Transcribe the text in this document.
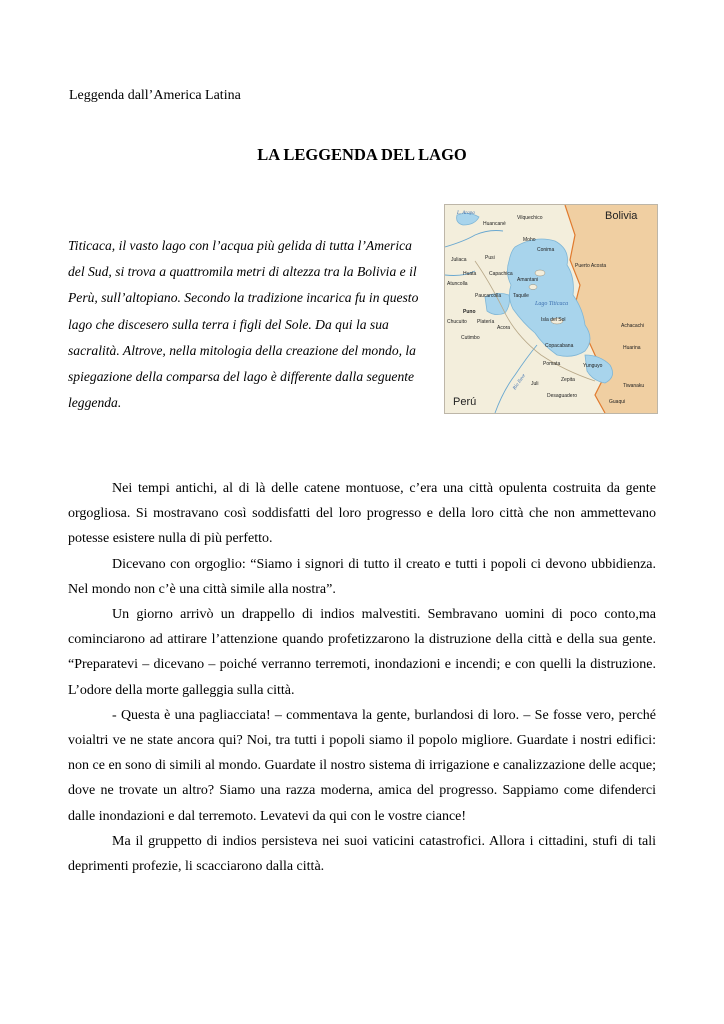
Leggenda dall’America Latina
LA LEGGENDA DEL LAGO
Titicaca, il vasto lago con l’acqua più gelida di tutta l’America del Sud, si trova a quattromila metri di altezza tra la Bolivia e il Perù, sull’altopiano. Secondo la tradizione incarica fu in questo lago che discesero sulla terra i figli del Sole. Da qui la sua sacralità. Altrove, nella mitologia della creazione del mondo, la spiegazione della comparsa del lago è differente dalla seguente leggenda.
Bolivia
Perú
Lago Titicaca
L. Arapa
Río Ilave
Huancané
Moho
Vilquechico
Conima
Juliaca	Pusi
Puerto Acosta
Huata	Capachica
Amantani
Atuncolla
Taquile
Paucarcolla
Puno
Chucuito	Isla del Sol
Achacachi
Platería
Acora
Cutimbo
Copacabana	Huarina
Pomata	Yunguyo
Juli
Zepita
Tiwanaku
Desaguadero
Guaqui

Nei tempi antichi, al di là delle catene montuose, c’era una città opulenta costruita da gente orgogliosa. Si mostravano così soddisfatti del loro progresso e della loro città che non ammettevano potesse esistere nulla di più perfetto.

Dicevano con orgoglio: “Siamo i signori di tutto il creato e tutti i popoli ci devono ubbidienza. Nel mondo non c’è una città simile alla nostra”.

Un giorno arrivò un drappello di indios malvestiti. Sembravano uomini di poco conto,ma cominciarono ad attirare l’attenzione quando profetizzarono la distruzione della città e della sua gente. “Preparatevi – dicevano – poiché verranno terremoti, inondazioni e incendi; e con quelli la distruzione. L’odore della morte galleggia sulla città.

- Questa è una pagliacciata! – commentava la gente, burlandosi di loro. – Se fosse vero, perché voialtri ve ne state ancora qui? Noi, tra tutti i popoli siamo il popolo migliore. Guardate i nostri edifici: non ce en sono di simili al mondo. Guardate il nostro sistema di irrigazione e canalizzazione delle acque; dove ne trovate un altro? Siamo una razza moderna, amica del progresso. Sappiamo come difenderci dalle inondazioni e dal terremoto. Levatevi da qui con le vostre ciance!

Ma il gruppetto di indios persisteva nei suoi vaticini catastrofici. Allora i cittadini, stufi di tali deprimenti profezie, li scacciarono dalla città.
